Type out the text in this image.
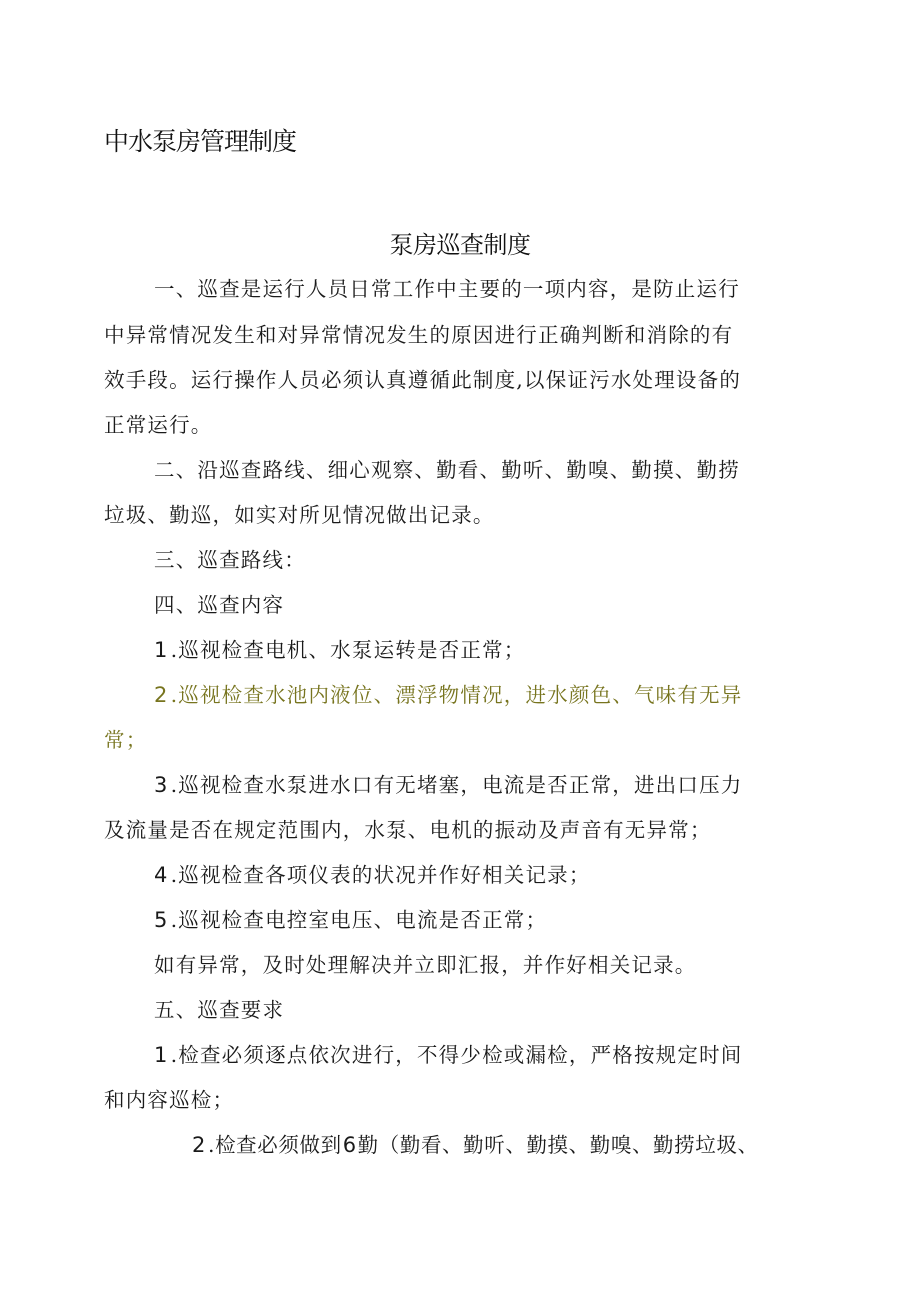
中水泵房管理制度
泵房巡查制度
一、巡查是运行人员日常工作中主要的一项内容，是防止运行
中异常情况发生和对异常情况发生的原因进行正确判断和消除的有
效手段。运行操作人员必须认真遵循此制度,以保证污水处理设备的
正常运行。
二、沿巡查路线、细心观察、勤看、勤听、勤嗅、勤摸、勤捞
垃圾、勤巡，如实对所见情况做出记录。
三、巡查路线：
四、巡查内容
1.巡视检查电机、水泵运转是否正常；
2.巡视检查水池内液位、漂浮物情况，进水颜色、气味有无异
常；
3.巡视检查水泵进水口有无堵塞，电流是否正常，进出口压力
及流量是否在规定范围内，水泵、电机的振动及声音有无异常；
4.巡视检查各项仪表的状况并作好相关记录；
5.巡视检查电控室电压、电流是否正常；
如有异常，及时处理解决并立即汇报，并作好相关记录。
五、巡查要求
1.检查必须逐点依次进行，不得少检或漏检，严格按规定时间
和内容巡检；
2.检查必须做到6勤（勤看、勤听、勤摸、勤嗅、勤捞垃圾、
